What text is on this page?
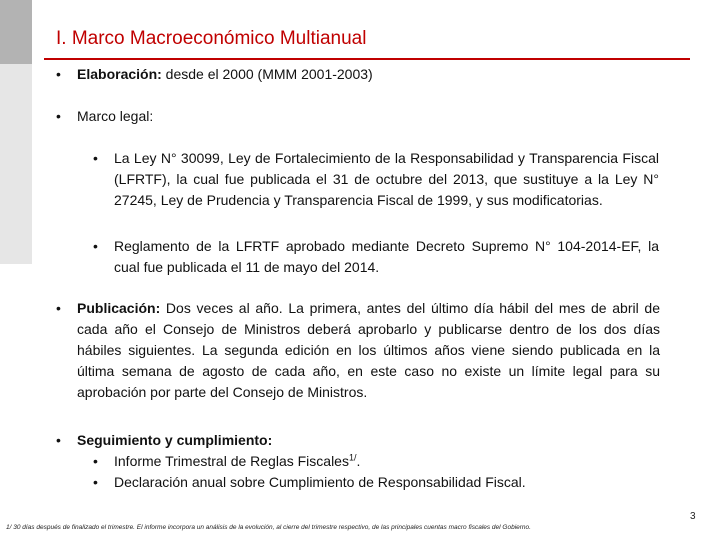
I. Marco Macroeconómico Multianual
• Elaboración: desde el 2000 (MMM 2001-2003)
• Marco legal:
• La Ley N° 30099, Ley de Fortalecimiento de la Responsabilidad y Transparencia Fiscal (LFRTF), la cual fue publicada el 31 de octubre del 2013, que sustituye a la Ley N° 27245, Ley de Prudencia y Transparencia Fiscal de 1999, y sus modificatorias.
• Reglamento de la LFRTF aprobado mediante Decreto Supremo N° 104-2014-EF, la cual fue publicada el 11 de mayo del 2014.
• Publicación: Dos veces al año. La primera, antes del último día hábil del mes de abril de cada año el Consejo de Ministros deberá aprobarlo y publicarse dentro de los dos días hábiles siguientes. La segunda edición en los últimos años viene siendo publicada en la última semana de agosto de cada año, en este caso no existe un límite legal para su aprobación por parte del Consejo de Ministros.
• Seguimiento y cumplimiento:
• Informe Trimestral de Reglas Fiscales$^{1/}$.
• Declaración anual sobre Cumplimiento de Responsabilidad Fiscal.
1/ 30 días después de finalizado el trimestre. El informe incorpora un análisis de la evolución, al cierre del trimestre respectivo, de las principales cuentas macro fiscales del Gobierno.
3
